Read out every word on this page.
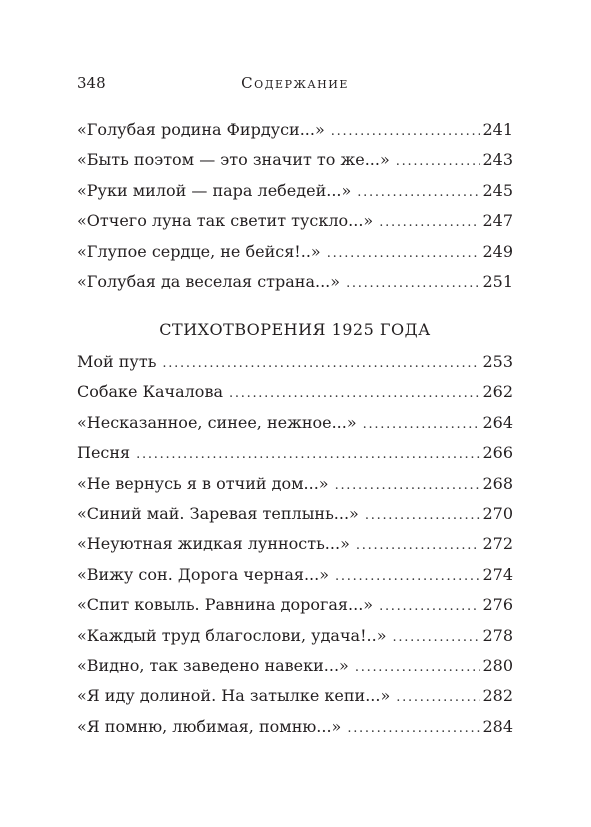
348	Содержание
«Голубая родина Фирдуси...» . . .	241
«Быть поэтом — это значит то же...» . . .	243
«Руки милой — пара лебедей...» . . .	245
«Отчего луна так светит тускло...» . . .	247
«Глупое сердце, не бейся!..» . . .	249
«Голубая да веселая страна...» . . .	251
СТИХОТВОРЕНИЯ 1925 ГОДА
Мой путь . . .	253
Собаке Качалова . . .	262
«Несказанное, синее, нежное...» . . .	264
Песня . . .	266
«Не вернусь я в отчий дом...» . . .	268
«Синий май. Заревая теплынь...» . . .	270
«Неуютная жидкая лунность...» . . .	272
«Вижу сон. Дорога черная...» . . .	274
«Спит ковыль. Равнина дорогая...» . . .	276
«Каждый труд благослови, удача!..» . . .	278
«Видно, так заведено навеки...» . . .	280
«Я иду долиной. На затылке кепи...» . . .	282
«Я помню, любимая, помню...» . . .	284
